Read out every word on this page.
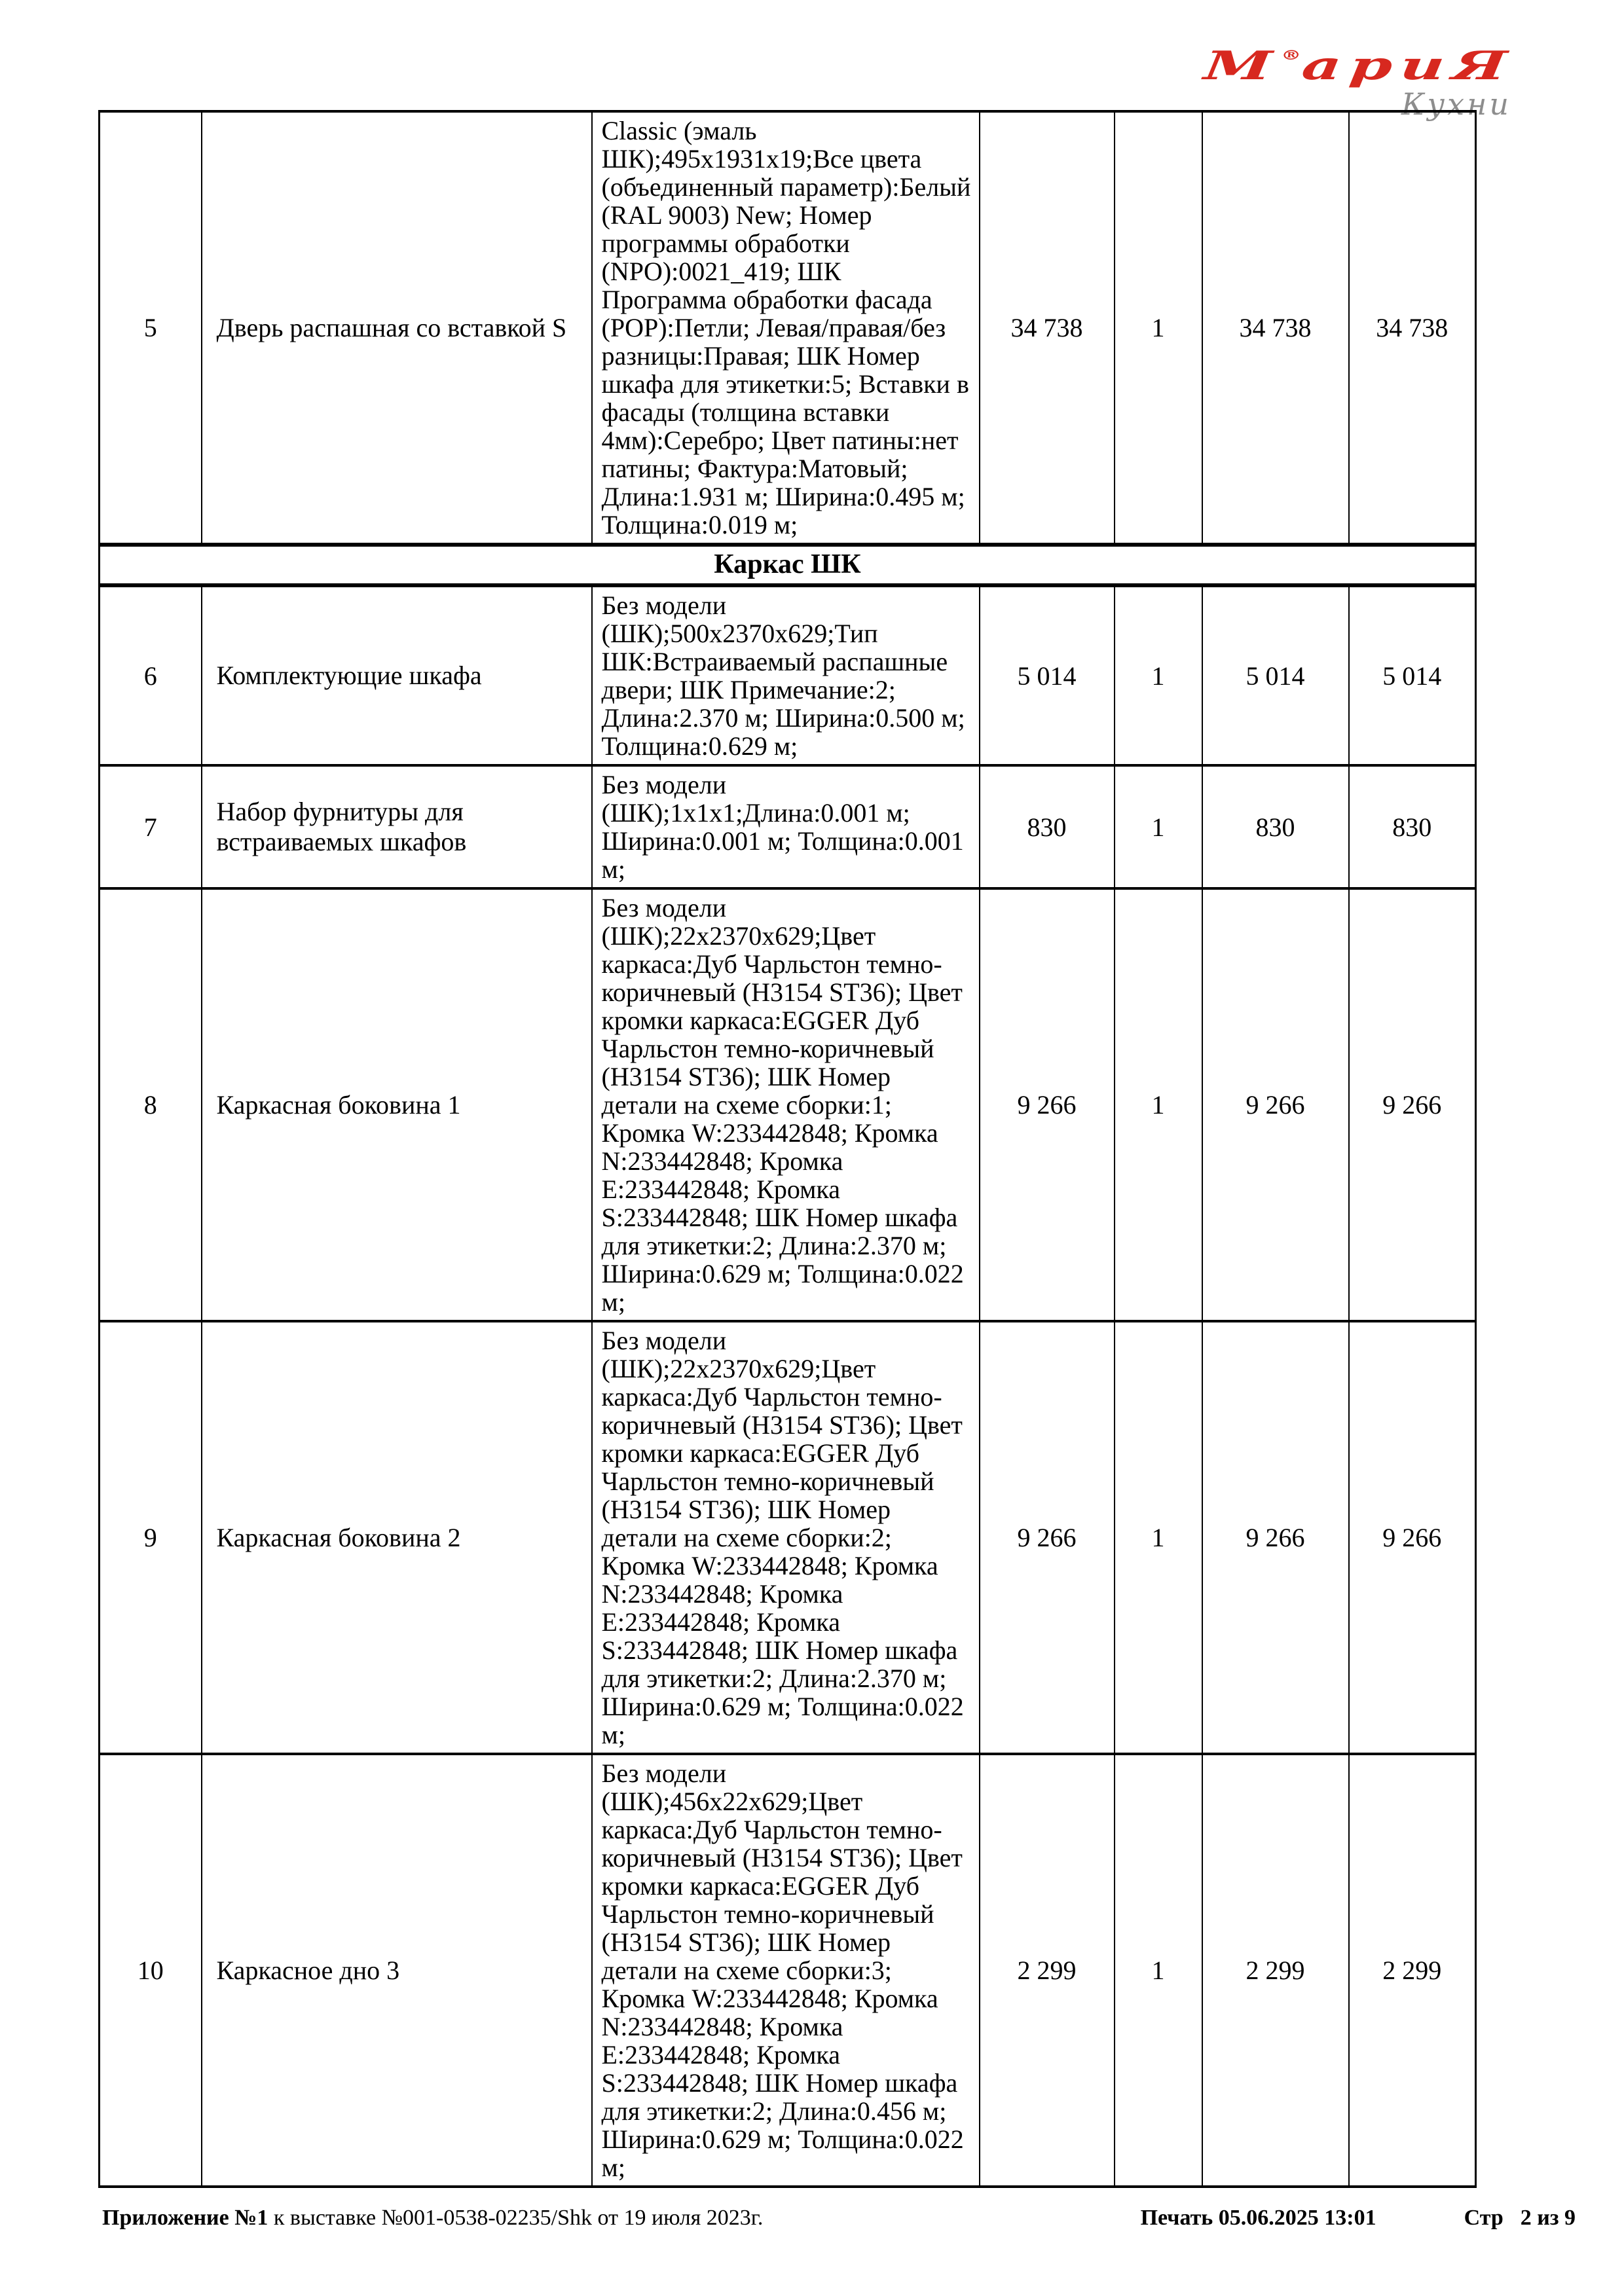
М®ариЯ
Кухни
5	Дверь распашная со вставкой S	Classic (эмаль ШК);495x1931x19;Все цвета (объединенный параметр):Белый (RAL 9003) New; Номер программы обработки (NPO):0021_419; ШК Программа обработки фасада (POP):Петли; Левая/правая/без разницы:Правая; ШК Номер шкафа для этикетки:5; Вставки в фасады (толщина вставки 4мм):Серебро; Цвет патины:нет патины; Фактура:Матовый; Длина:1.931 м; Ширина:0.495 м; Толщина:0.019 м;	34 738	1	34 738	34 738
Каркас ШК						
6	Комплектующие шкафа	Без модели (ШК);500x2370x629;Тип ШК:Встраиваемый распашные двери; ШК Примечание:2; Длина:2.370 м; Ширина:0.500 м; Толщина:0.629 м;	5 014	1	5 014	5 014
7	Набор фурнитуры для встраиваемых шкафов	Без модели (ШК);1x1x1;Длина:0.001 м; Ширина:0.001 м; Толщина:0.001 м;	830	1	830	830
8	Каркасная боковина 1	Без модели (ШК);22x2370x629;Цвет каркаса:Дуб Чарльстон темно-коричневый (H3154 ST36); Цвет кромки каркаса:EGGER Дуб Чарльстон темно-коричневый (H3154 ST36); ШК Номер детали на схеме сборки:1; Кромка W:233442848; Кромка N:233442848; Кромка E:233442848; Кромка S:233442848; ШК Номер шкафа для этикетки:2; Длина:2.370 м; Ширина:0.629 м; Толщина:0.022 м;	9 266	1	9 266	9 266
9	Каркасная боковина 2	Без модели (ШК);22x2370x629;Цвет каркаса:Дуб Чарльстон темно-коричневый (H3154 ST36); Цвет кромки каркаса:EGGER Дуб Чарльстон темно-коричневый (H3154 ST36); ШК Номер детали на схеме сборки:2; Кромка W:233442848; Кромка N:233442848; Кромка E:233442848; Кромка S:233442848; ШК Номер шкафа для этикетки:2; Длина:2.370 м; Ширина:0.629 м; Толщина:0.022 м;	9 266	1	9 266	9 266
10	Каркасное дно 3	Без модели (ШК);456x22x629;Цвет каркаса:Дуб Чарльстон темно-коричневый (H3154 ST36); Цвет кромки каркаса:EGGER Дуб Чарльстон темно-коричневый (H3154 ST36); ШК Номер детали на схеме сборки:3; Кромка W:233442848; Кромка N:233442848; Кромка E:233442848; Кромка S:233442848; ШК Номер шкафа для этикетки:2; Длина:0.456 м; Ширина:0.629 м; Толщина:0.022 м;	2 299	1	2 299	2 299
Приложение №1 к выставке №001-0538-02235/Shk от 19 июля 2023г.	Печать 05.06.2025 13:01	Стр 2 из 9
